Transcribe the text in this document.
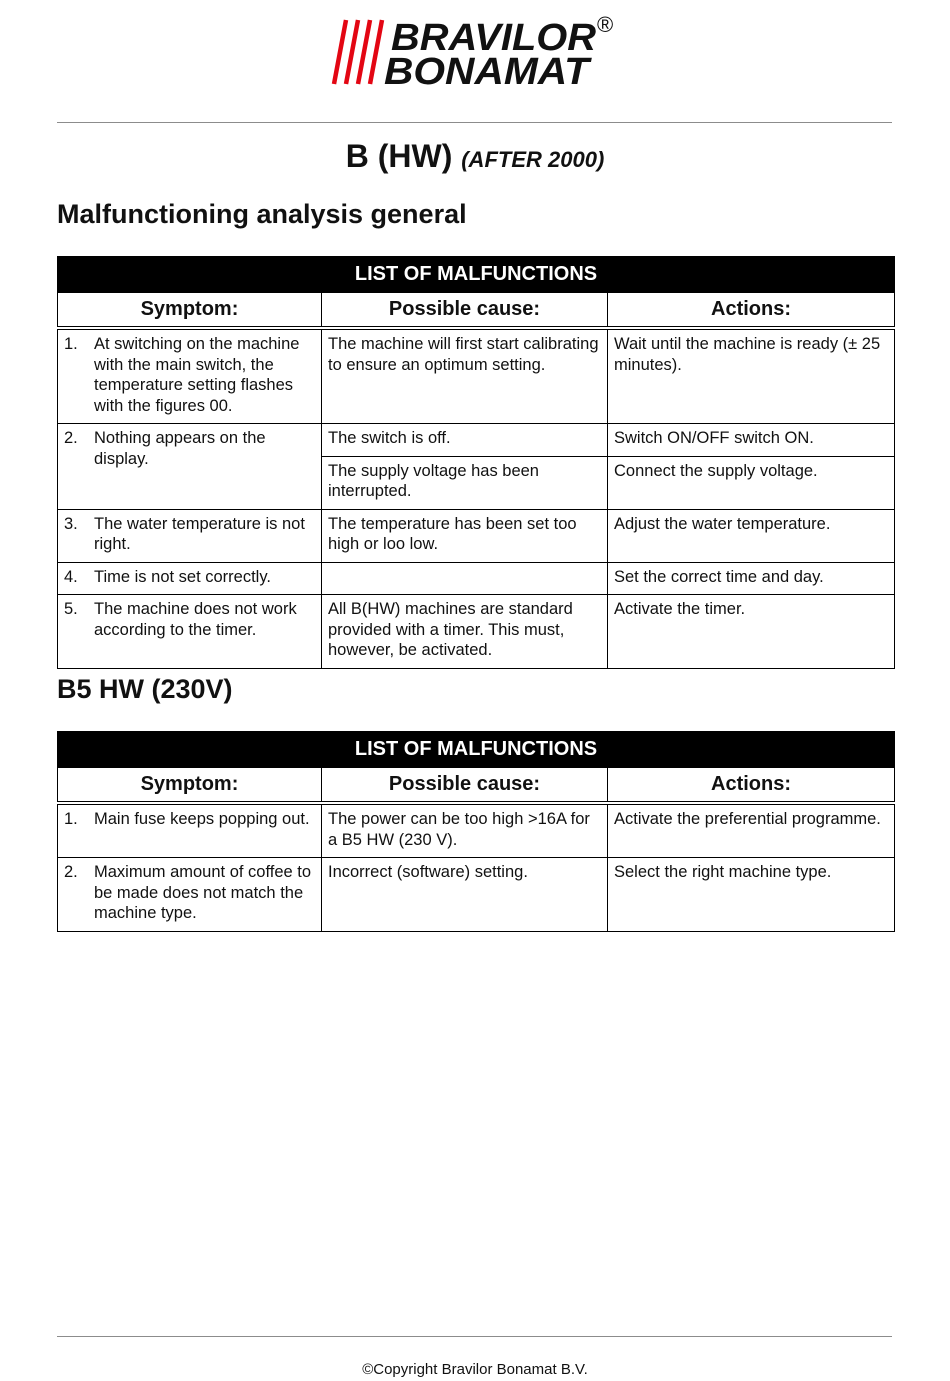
BRAVILOR
BONAMAT
®
B (HW) (AFTER 2000)
Malfunctioning analysis general
LIST OF MALFUNCTIONS		
Symptom:	Possible cause:	Actions:

1. At switching on the machine with the main switch, the temperature setting flashes with the figures 00.	The machine will first start calibrating to ensure an optimum setting.	Wait until the machine is ready (± 25 minutes).

2. Nothing appears on the display.	The switch is off.	Switch ON/OFF switch ON.
	The supply voltage has been interrupted.	Connect the supply voltage.

3. The water temperature is not right.	The temperature has been set too high or loo low.	Adjust the water temperature.

4. Time is not set correctly.		Set the correct time and day.

5. The machine does not work according to the timer.	All B(HW) machines are standard provided with a timer. This must, however, be activated.	Activate the timer.
B5 HW (230V)
LIST OF MALFUNCTIONS		
Symptom:	Possible cause:	Actions:

1. Main fuse keeps popping out.	The power can be too high >16A for a B5 HW (230 V).	Activate the preferential programme.

2. Maximum amount of coffee to be made does not match the machine type.	Incorrect (software) setting.	Select the right machine type.
©Copyright Bravilor Bonamat B.V.
